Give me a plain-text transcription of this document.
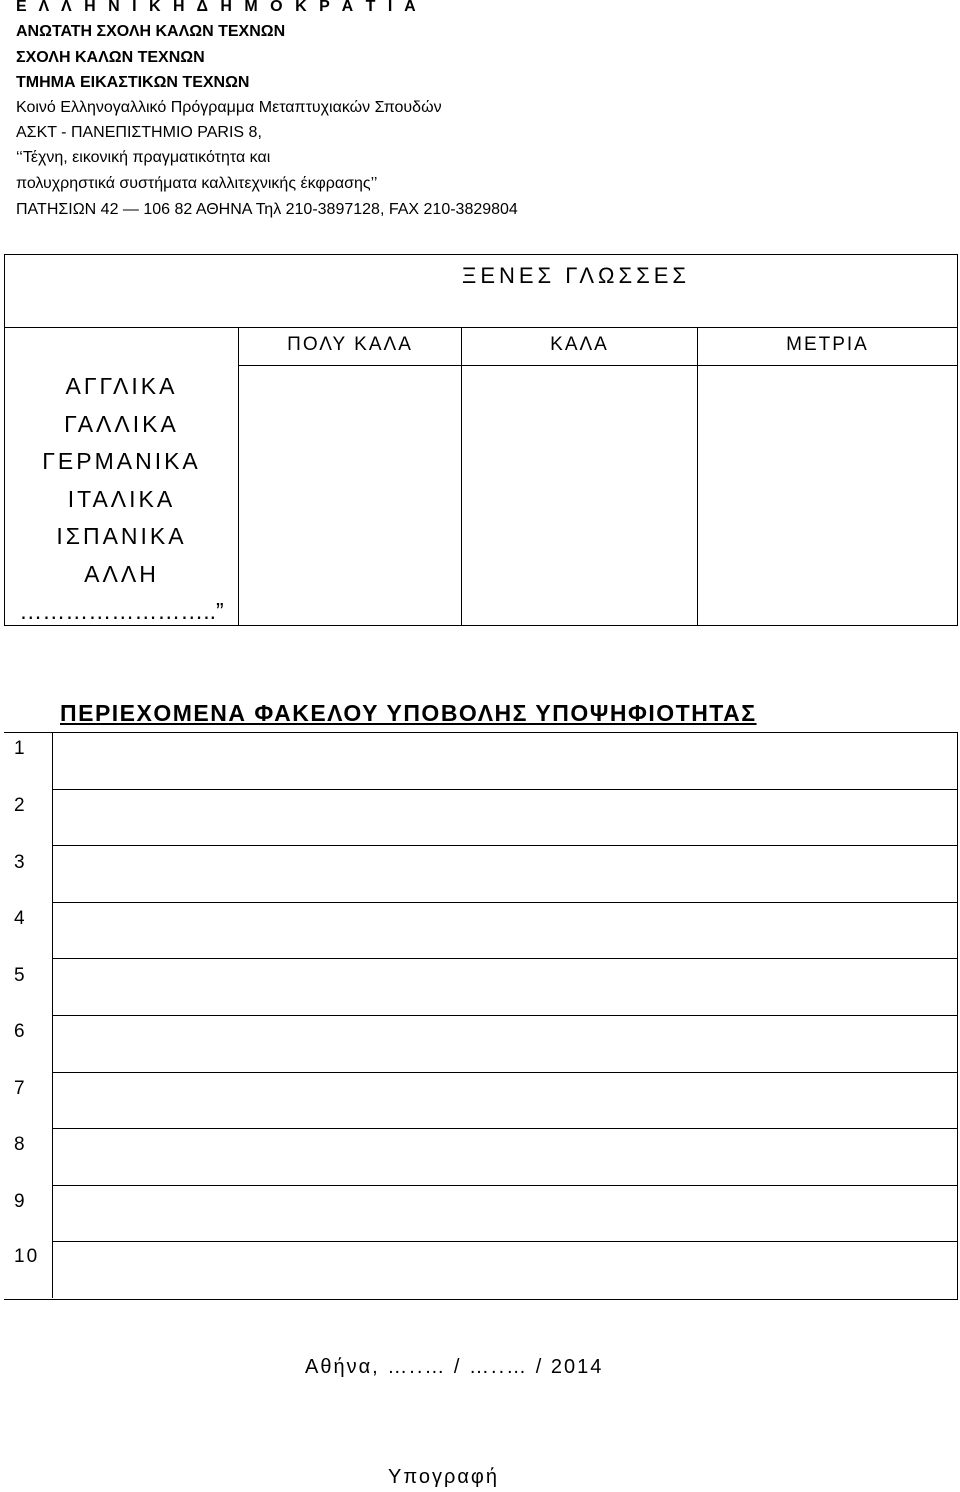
Ε Λ Λ Η Ν Ι Κ Η Δ Η Μ Ο Κ Ρ Α Τ Ι Α
ΑΝΩΤΑΤΗ ΣΧΟΛΗ ΚΑΛΩΝ ΤΕΧΝΩΝ
ΣΧΟΛΗ ΚΑΛΩΝ ΤΕΧΝΩΝ
ΤΜΗΜΑ ΕΙΚΑΣΤΙΚΩΝ ΤΕΧΝΩΝ
Κοινό Ελληνογαλλικό Πρόγραμμα Μεταπτυχιακών Σπουδών
ΑΣΚΤ - ΠΑΝΕΠΙΣΤΗΜΙΟ PARIS 8,
‘‘Τέχνη, εικονική πραγματικότητα και
πολυχρηστικά συστήματα καλλιτεχνικής έκφρασης’’
ΠΑΤΗΣΙΩΝ 42 — 106 82 ΑΘΗΝΑ Τηλ 210-3897128, FAX 210-3829804
ΞΕΝΕΣ ΓΛΩΣΣΕΣ
ΑΓΓΛΙΚΑ
ΓΑΛΛΙΚΑ
ΓΕΡΜΑΝΙΚΑ
ΙΤΑΛΙΚΑ
ΙΣΠΑΝΙΚΑ
ΑΛΛΗ
……………………..”
ΠΟΛΥ ΚΑΛΑ	ΚΑΛΑ	ΜΕΤΡΙΑ
ΠΕΡΙΕΧΟΜΕΝΑ ΦΑΚΕΛΟΥ ΥΠΟΒΟΛΗΣ ΥΠΟΨΗΦΙΟΤΗΤΑΣ
1
2
3
4
5
6
7
8
9
10
Αθήνα, …..… / …..… / 2014
Υπογραφή
